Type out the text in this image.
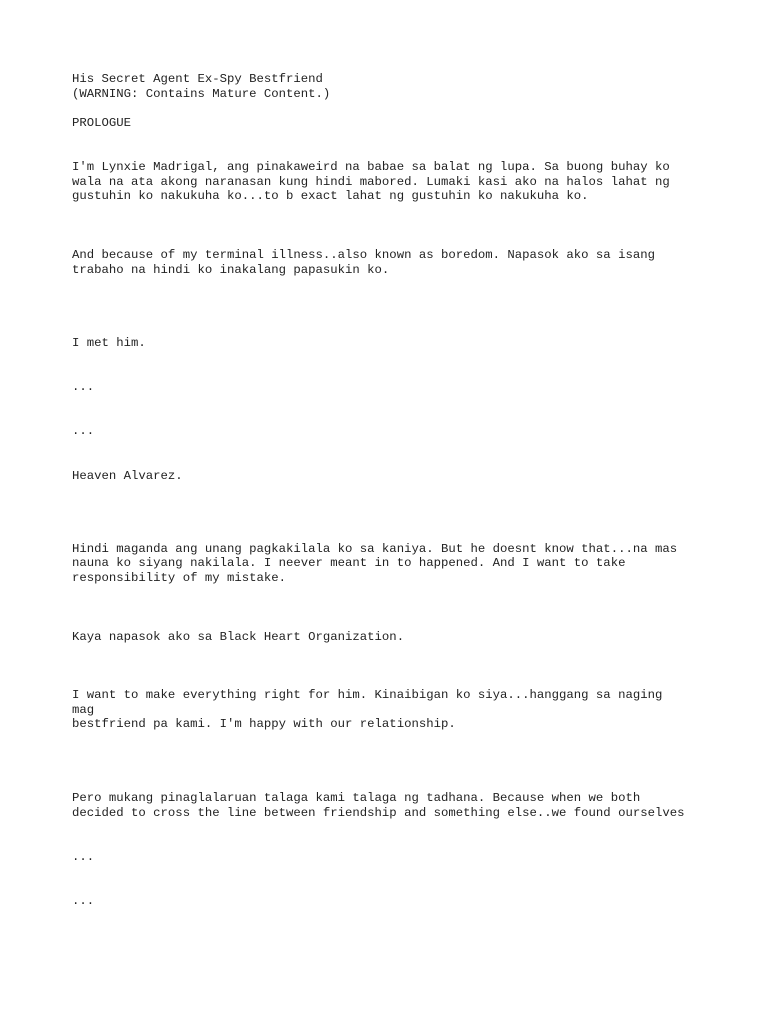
His Secret Agent Ex-Spy Bestfriend

(WARNING: Contains Mature Content.)

PROLOGUE

I'm Lynxie Madrigal, ang pinakaweird na babae sa balat ng lupa. Sa buong buhay ko

wala na ata akong naranasan kung hindi mabored. Lumaki kasi ako na halos lahat ng

gustuhin ko nakukuha ko...to b exact lahat ng gustuhin ko nakukuha ko.

And because of my terminal illness..also known as boredom. Napasok ako sa isang

trabaho na hindi ko inakalang papasukin ko.

I met him.

...

...

Heaven Alvarez.

Hindi maganda ang unang pagkakilala ko sa kaniya. But he doesnt know that...na mas

nauna ko siyang nakilala. I neever meant in to happened. And I want to take

responsibility of my mistake.

Kaya napasok ako sa Black Heart Organization.

I want to make everything right for him. Kinaibigan ko siya...hanggang sa naging

mag

bestfriend pa kami. I'm happy with our relationship.

Pero mukang pinaglalaruan talaga kami talaga ng tadhana. Because when we both

decided to cross the line between friendship and something else..we found ourselves

...

...
